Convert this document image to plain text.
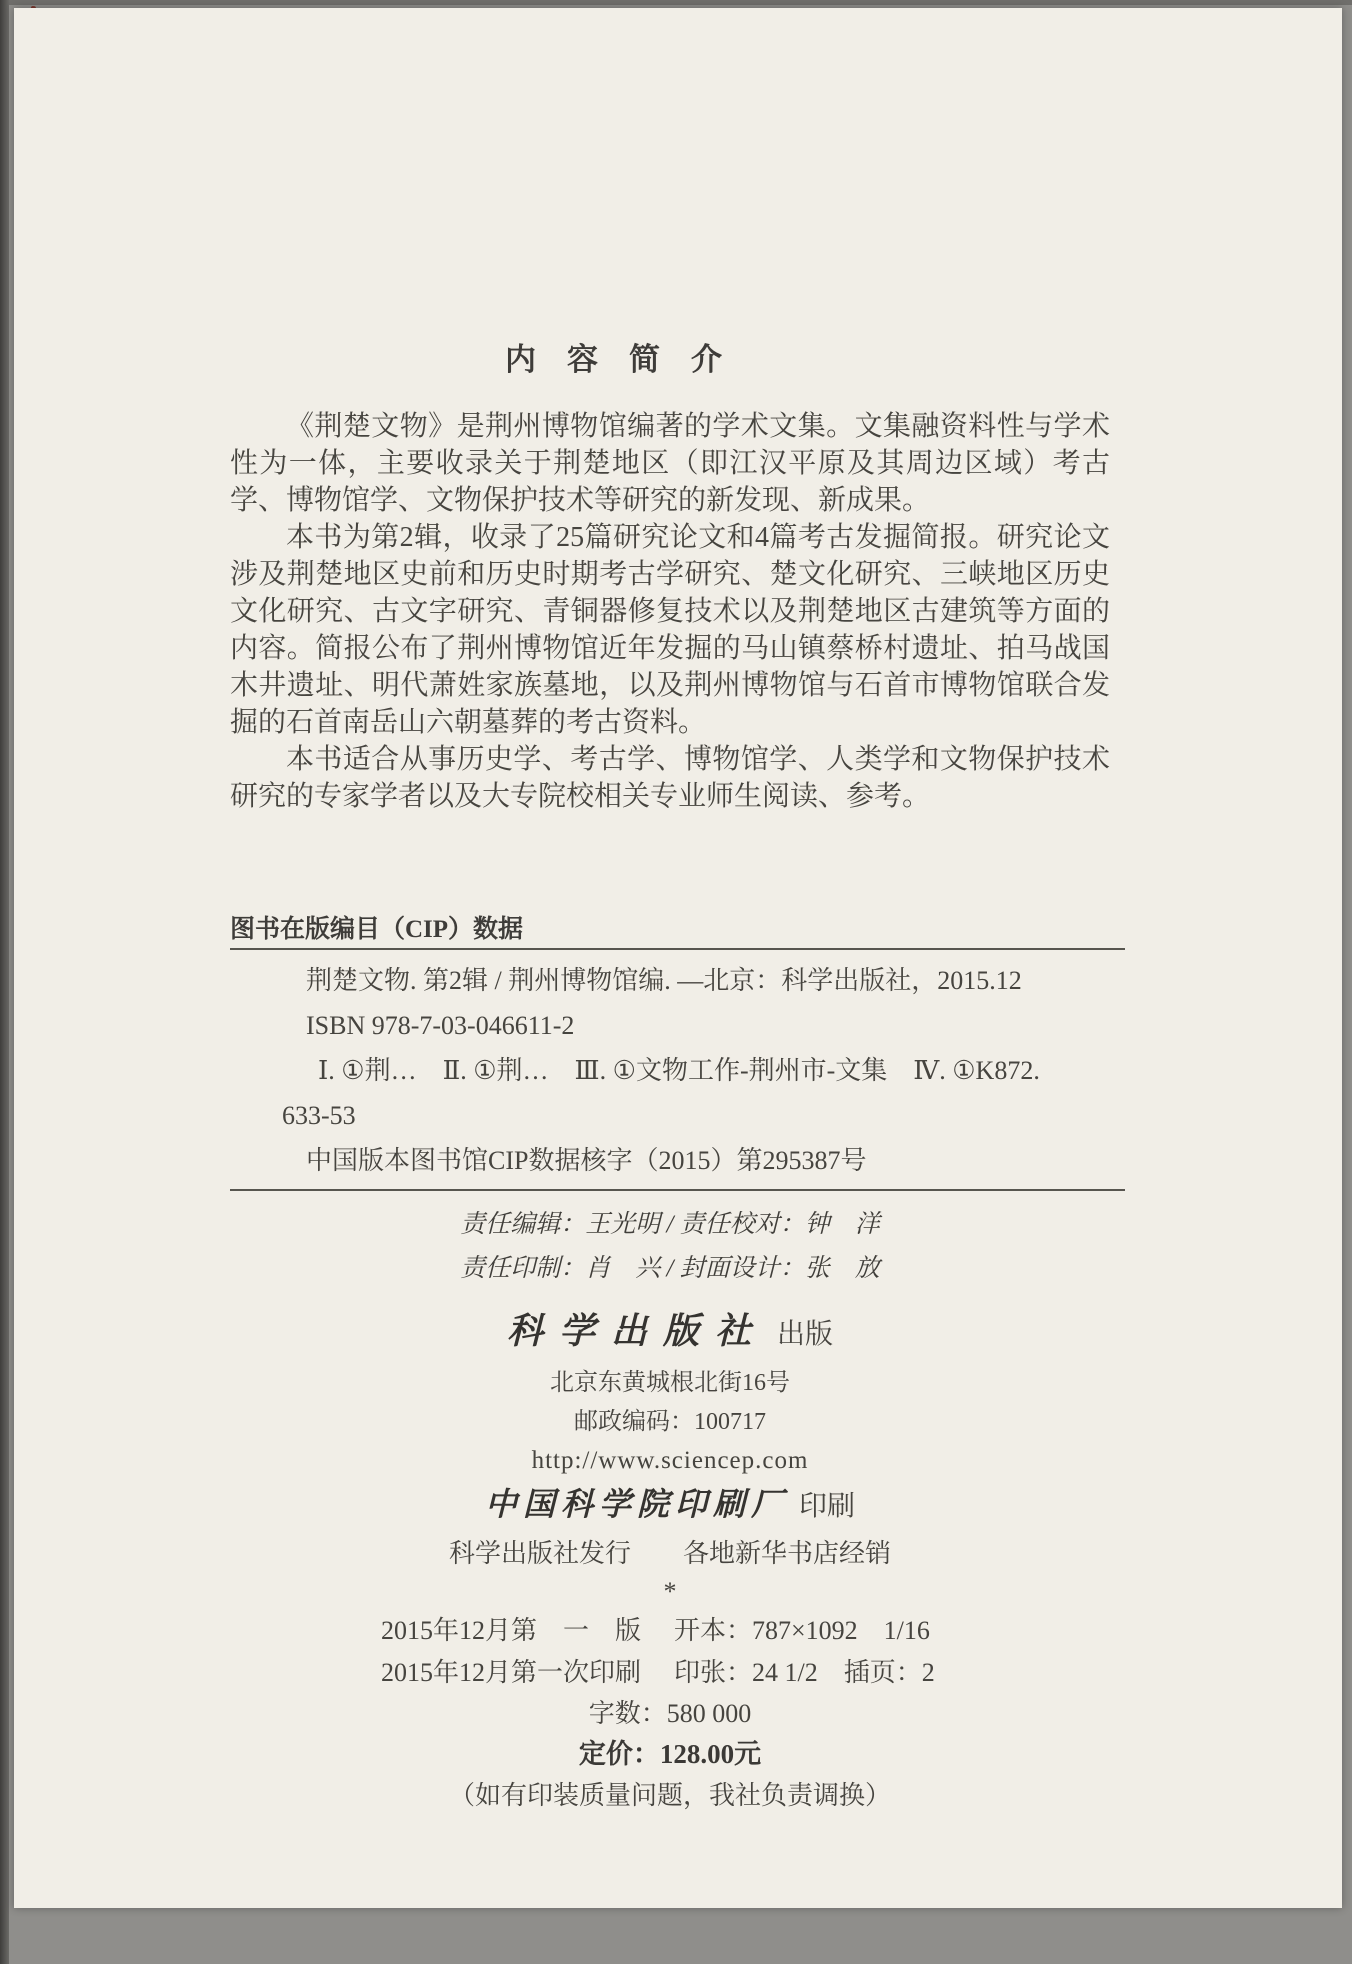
内　容　简　介

《荆楚文物》是荆州博物馆编著的学术文集。文集融资料性与学术性为一体，主要收录关于荆楚地区（即江汉平原及其周边区域）考古学、博物馆学、文物保护技术等研究的新发现、新成果。

本书为第2辑，收录了25篇研究论文和4篇考古发掘简报。研究论文涉及荆楚地区史前和历史时期考古学研究、楚文化研究、三峡地区历史文化研究、古文字研究、青铜器修复技术以及荆楚地区古建筑等方面的内容。简报公布了荆州博物馆近年发掘的马山镇蔡桥村遗址、拍马战国木井遗址、明代萧姓家族墓地，以及荆州博物馆与石首市博物馆联合发掘的石首南岳山六朝墓葬的考古资料。

本书适合从事历史学、考古学、博物馆学、人类学和文物保护技术研究的专家学者以及大专院校相关专业师生阅读、参考。

图书在版编目（CIP）数据

荆楚文物. 第2辑 / 荆州博物馆编. —北京：科学出版社，2015.12

ISBN 978-7-03-046611-2

Ⅰ. ①荆…　Ⅱ. ①荆…　Ⅲ. ①文物工作-荆州市-文集　Ⅳ. ①K872.

633-53

中国版本图书馆CIP数据核字（2015）第295387号

责任编辑：王光明 / 责任校对：钟　洋

责任印制：肖　兴 / 封面设计：张　放

科学出版社 出版

北京东黄城根北街16号

邮政编码：100717

http://www.sciencep.com

中国科学院印刷厂 印刷

科学出版社发行　　各地新华书店经销

*

2015年12月第　一　版	开本：787×1092　1/16
2015年12月第一次印刷	印张：24 1/2　插页：2

字数：580 000

定价：128.00元

（如有印装质量问题，我社负责调换）
